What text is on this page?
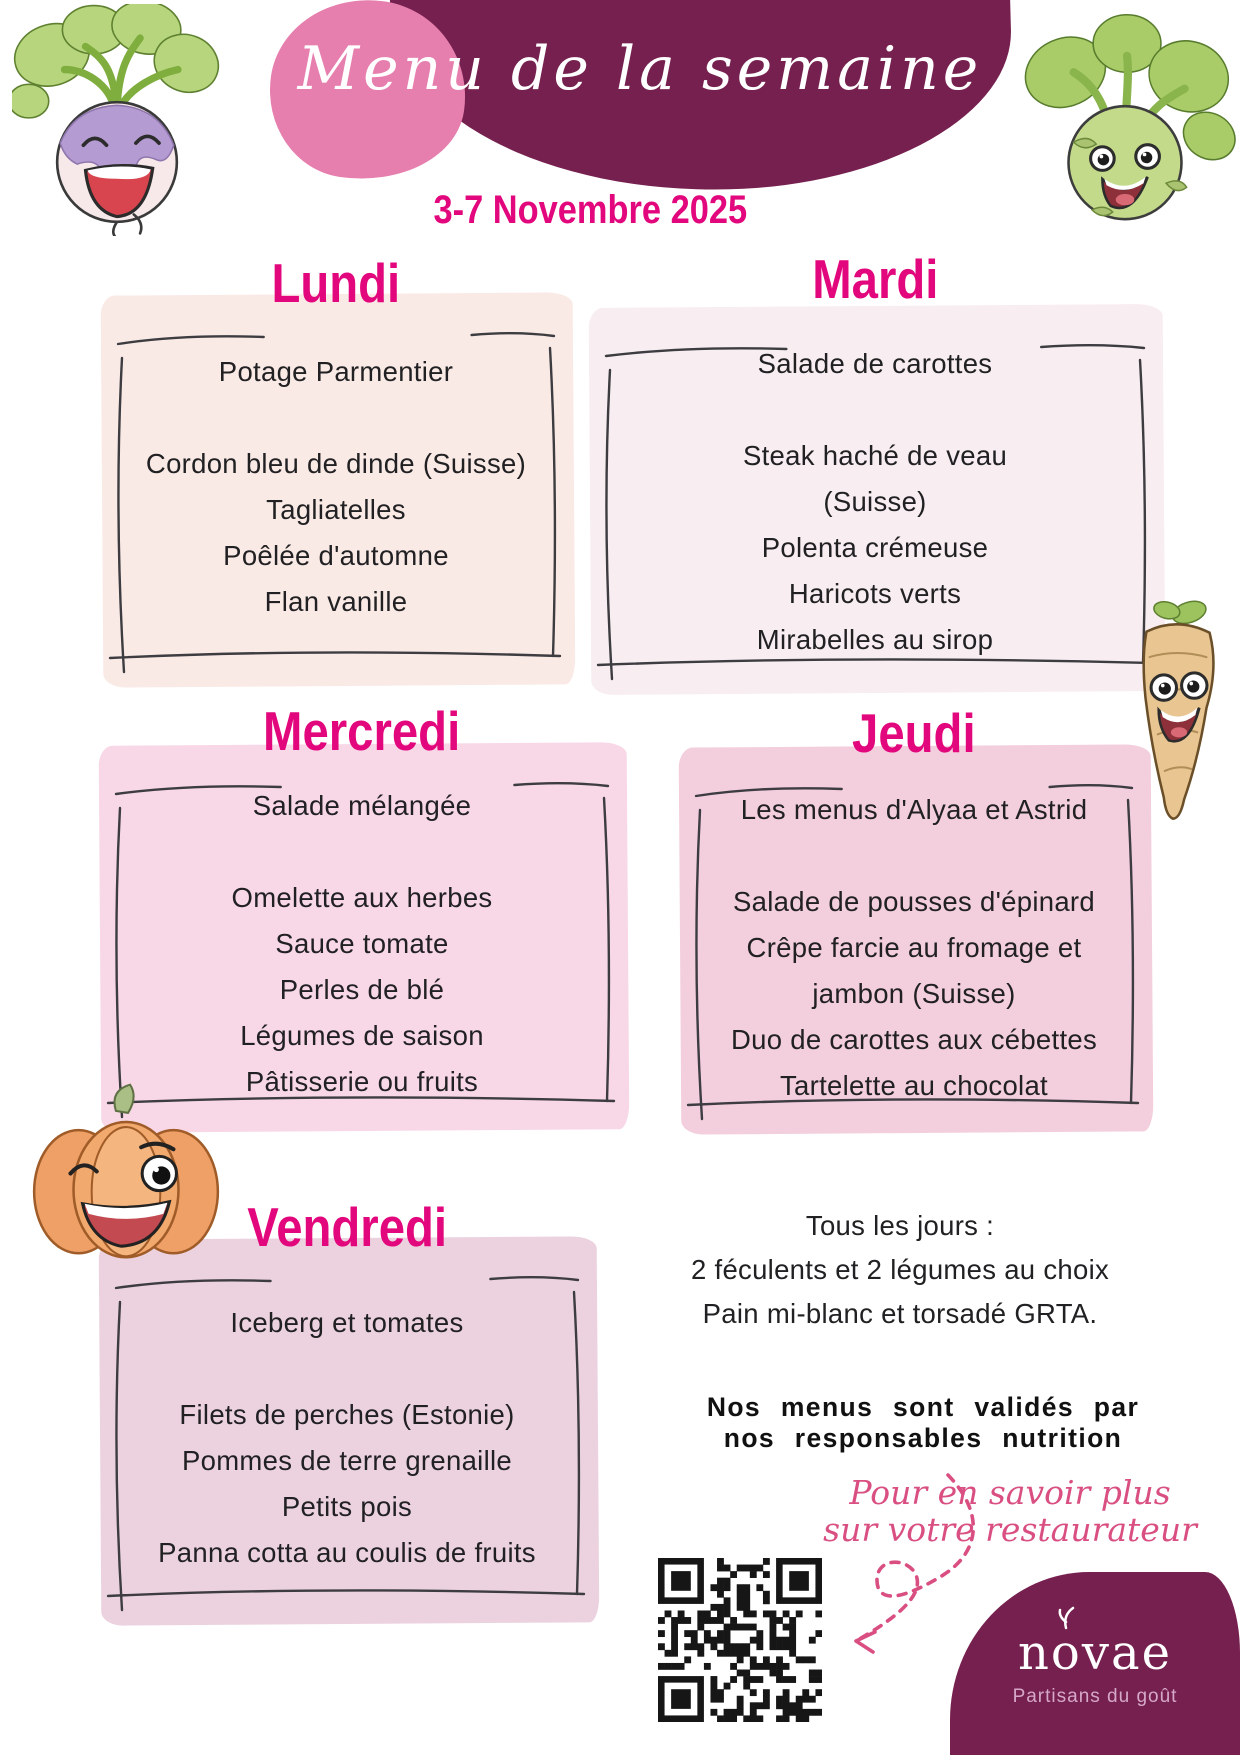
Menu de la semaine
3-7 Novembre 2025
Lundi	Mardi
Mercredi	Jeudi
Vendredi
Potage Parmentier
Cordon bleu de dinde (Suisse)
Tagliatelles
Poêlée d'automne
Flan vanille
Salade de carottes
Steak haché de veau
(Suisse)
Polenta crémeuse
Haricots verts
Mirabelles au sirop
Salade mélangée
Omelette aux herbes
Sauce tomate
Perles de blé
Légumes de saison
Pâtisserie ou fruits
Les menus d'Alyaa et Astrid
Salade de pousses d'épinard
Crêpe farcie au fromage et
jambon (Suisse)
Duo de carottes aux cébettes
Tartelette au chocolat
Iceberg et tomates
Filets de perches (Estonie)
Pommes de terre grenaille
Petits pois
Panna cotta au coulis de fruits
Tous les jours :
2 féculents et 2 légumes au choix
Pain mi-blanc et torsadé GRTA.
Nos menus sont validés par
nos responsables nutrition
Pour en savoir plus
sur votre restaurateur
novae
Partisans du goût
